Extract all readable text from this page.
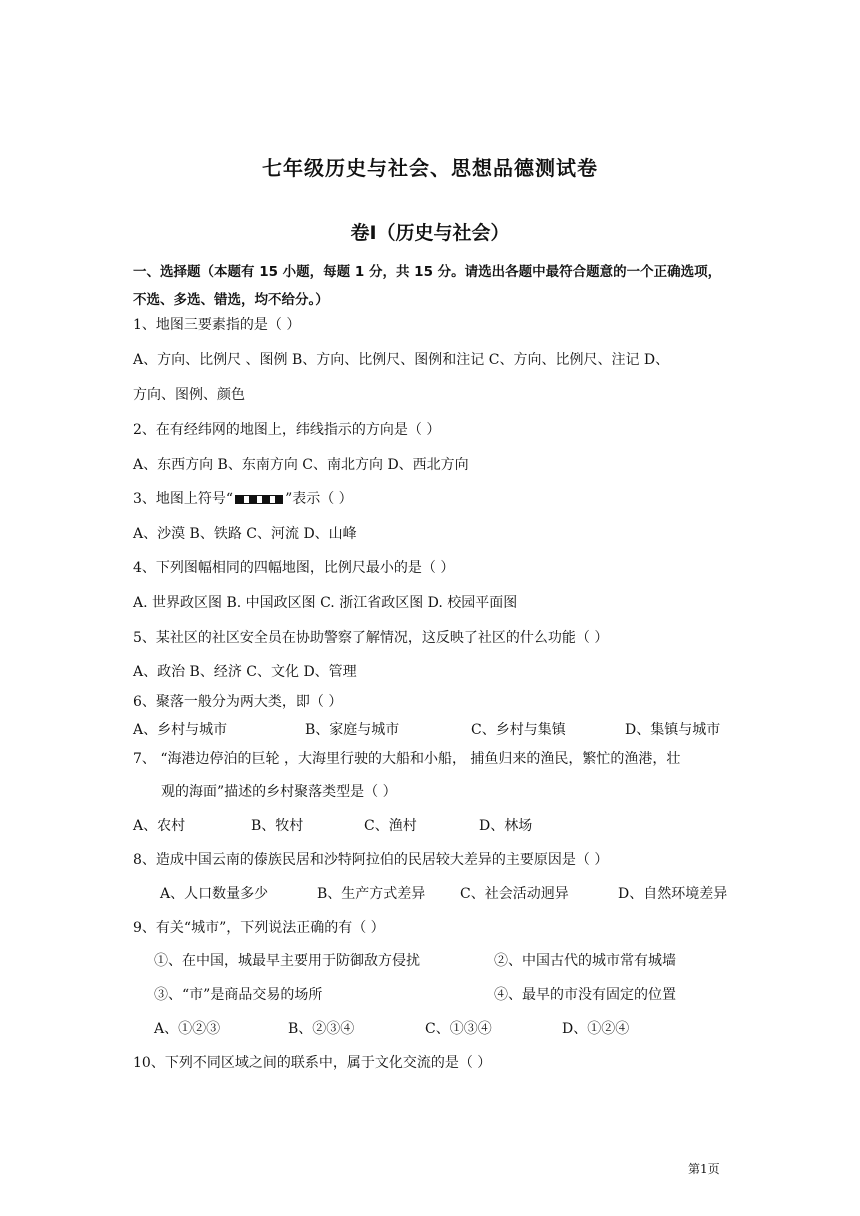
七年级历史与社会、思想品德测试卷
卷Ⅰ（历史与社会）
一、选择题（本题有 15 小题，每题 1 分，共 15 分。请选出各题中最符合题意的一个正确选项，不选、多选、错选，均不给分。）
1、地图三要素指的是（ ）
A、方向、比例尺 、图例 B、方向、比例尺、图例和注记 C、方向、比例尺、注记 D、
方向、图例、颜色
2、在有经纬网的地图上，纬线指示的方向是（ ）
A、东西方向 B、东南方向 C、南北方向 D、西北方向
3、地图上符号“	”表示（ ）
A、沙漠 B、铁路 C、河流 D、山峰
4、下列图幅相同的四幅地图，比例尺最小的是（ ）
A. 世界政区图 B. 中国政区图 C. 浙江省政区图 D. 校园平面图
5、某社区的社区安全员在协助警察了解情况，这反映了社区的什么功能（ ）
A、政治 B、经济 C、文化 D、管理
6、聚落一般分为两大类，即（ ）
A、乡村与城市	B、家庭与城市	C、乡村与集镇	D、集镇与城市
7、 “海港边停泊的巨轮 ，大海里行驶的大船和小船， 捕鱼归来的渔民，繁忙的渔港，壮
观的海面”描述的乡村聚落类型是（ ）
A、农村	B、牧村	C、渔村	D、林场
8、造成中国云南的傣族民居和沙特阿拉伯的民居较大差异的主要原因是（ ）
A、人口数量多少	B、生产方式差异 C、社会活动迥异	D、自然环境差异
9、有关“城市”，下列说法正确的有（ ）
①、在中国，城最早主要用于防御敌方侵扰	②、中国古代的城市常有城墙
③、“市”是商品交易的场所	④、最早的市没有固定的位置
A、①②③	B、②③④	C、①③④	D、①②④
10、下列不同区域之间的联系中，属于文化交流的是（ ）
第1页
